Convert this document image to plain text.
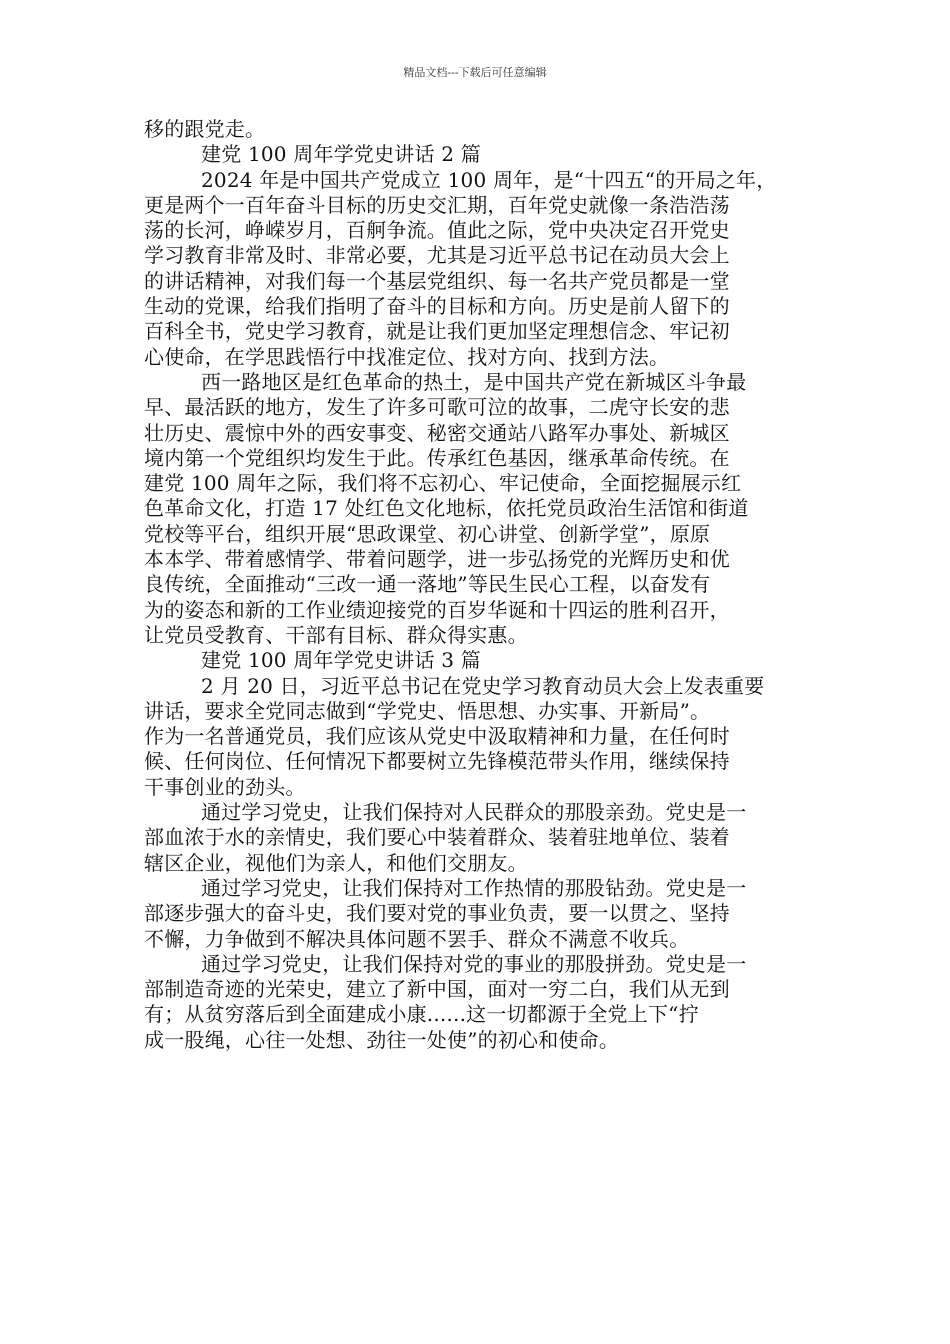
精品文档---下载后可任意编辑
移的跟党走。
建党 100 周年学党史讲话 2 篇
2024 年是中国共产党成立 100 周年，是“十四五“的开局之年，
更是两个一百年奋斗目标的历史交汇期，百年党史就像一条浩浩荡
荡的长河，峥嵘岁月，百舸争流。值此之际，党中央决定召开党史
学习教育非常及时、非常必要，尤其是习近平总书记在动员大会上
的讲话精神，对我们每一个基层党组织、每一名共产党员都是一堂
生动的党课，给我们指明了奋斗的目标和方向。历史是前人留下的
百科全书，党史学习教育，就是让我们更加坚定理想信念、牢记初
心使命，在学思践悟行中找准定位、找对方向、找到方法。
西一路地区是红色革命的热土，是中国共产党在新城区斗争最
早、最活跃的地方，发生了许多可歌可泣的故事，二虎守长安的悲
壮历史、震惊中外的西安事变、秘密交通站八路军办事处、新城区
境内第一个党组织均发生于此。传承红色基因，继承革命传统。在
建党 100 周年之际，我们将不忘初心、牢记使命，全面挖掘展示红
色革命文化，打造 17 处红色文化地标，依托党员政治生活馆和街道
党校等平台，组织开展“思政课堂、初心讲堂、创新学堂”，原原
本本学、带着感情学、带着问题学，进一步弘扬党的光辉历史和优
良传统，全面推动“三改一通一落地”等民生民心工程，以奋发有
为的姿态和新的工作业绩迎接党的百岁华诞和十四运的胜利召开，
让党员受教育、干部有目标、群众得实惠。
建党 100 周年学党史讲话 3 篇
2 月 20 日，习近平总书记在党史学习教育动员大会上发表重要
讲话，要求全党同志做到“学党史、悟思想、办实事、开新局”。
作为一名普通党员，我们应该从党史中汲取精神和力量，在任何时
候、任何岗位、任何情况下都要树立先锋模范带头作用，继续保持
干事创业的劲头。
通过学习党史，让我们保持对人民群众的那股亲劲。党史是一
部血浓于水的亲情史，我们要心中装着群众、装着驻地单位、装着
辖区企业，视他们为亲人，和他们交朋友。
通过学习党史，让我们保持对工作热情的那股钻劲。党史是一
部逐步强大的奋斗史，我们要对党的事业负责，要一以贯之、坚持
不懈，力争做到不解决具体问题不罢手、群众不满意不收兵。
通过学习党史，让我们保持对党的事业的那股拼劲。党史是一
部制造奇迹的光荣史，建立了新中国，面对一穷二白，我们从无到
有；从贫穷落后到全面建成小康......这一切都源于全党上下“拧
成一股绳，心往一处想、劲往一处使”的初心和使命。
